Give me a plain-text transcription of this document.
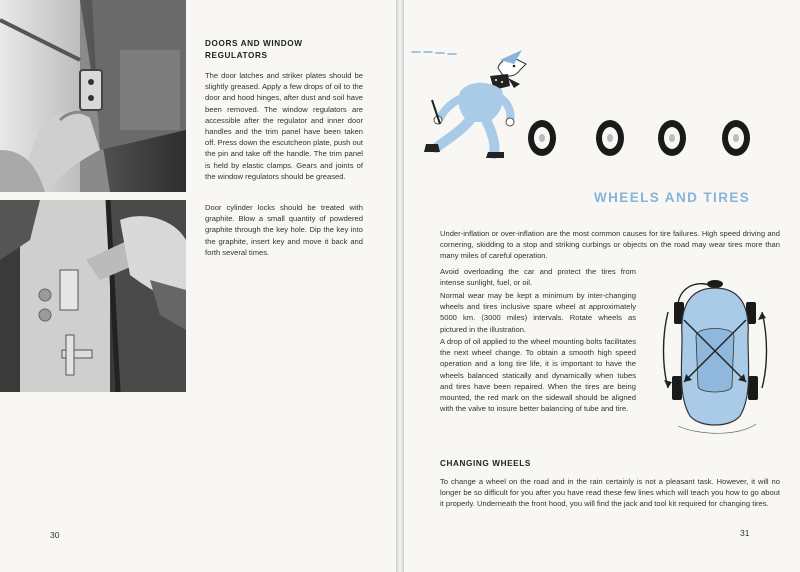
DOORS AND WINDOW
REGULATORS

The door latches and striker plates should be slightly greased. Apply a few drops of oil to the door and hood hinges, after dust and soil have been removed. The window regulators are accessible after the regulator and inner door handles and the trim panel have been taken off. Press down the escutcheon plate, push out the pin and take off the handle. The trim panel is held by elastic clamps. Gears and joints of the window regulators should be greased.

Door cylinder locks should be treated with graphite. Blow a small quantity of powdered graphite through the key hole. Dip the key into the graphite, insert key and move it back and forth several times.

30
WHEELS AND TIRES

Under-inflation or over-inflation are the most common causes for tire failures. High speed driving and cornering, skidding to a stop and striking curbings or objects on the road may wear tires more than many miles of careful operation.

Avoid overloading the car and protect the tires from intense sunlight, fuel, or oil.

Normal wear may be kept a minimum by inter-changing wheels and tires inclusive spare wheel at approximately 5000 km. (3000 miles) intervals. Rotate wheels as pictured in the illustration.

A drop of oil applied to the wheel mounting bolts facilitates the next wheel change. To obtain a smooth high speed operation and a long tire life, it is important to have the wheels balanced statically and dynamically when tubes and tires have been repaired. When the tires are being mounted, the red mark on the sidewall should be aligned with the valve to insure better balancing of tube and tire.

CHANGING WHEELS

To change a wheel on the road and in the rain certainly is not a pleasant task. However, it will no longer be so difficult for you after you have read these few lines which will teach you how to go about it properly. Underneath the front hood, you will find the jack and tool kit required for changing tires.

31
